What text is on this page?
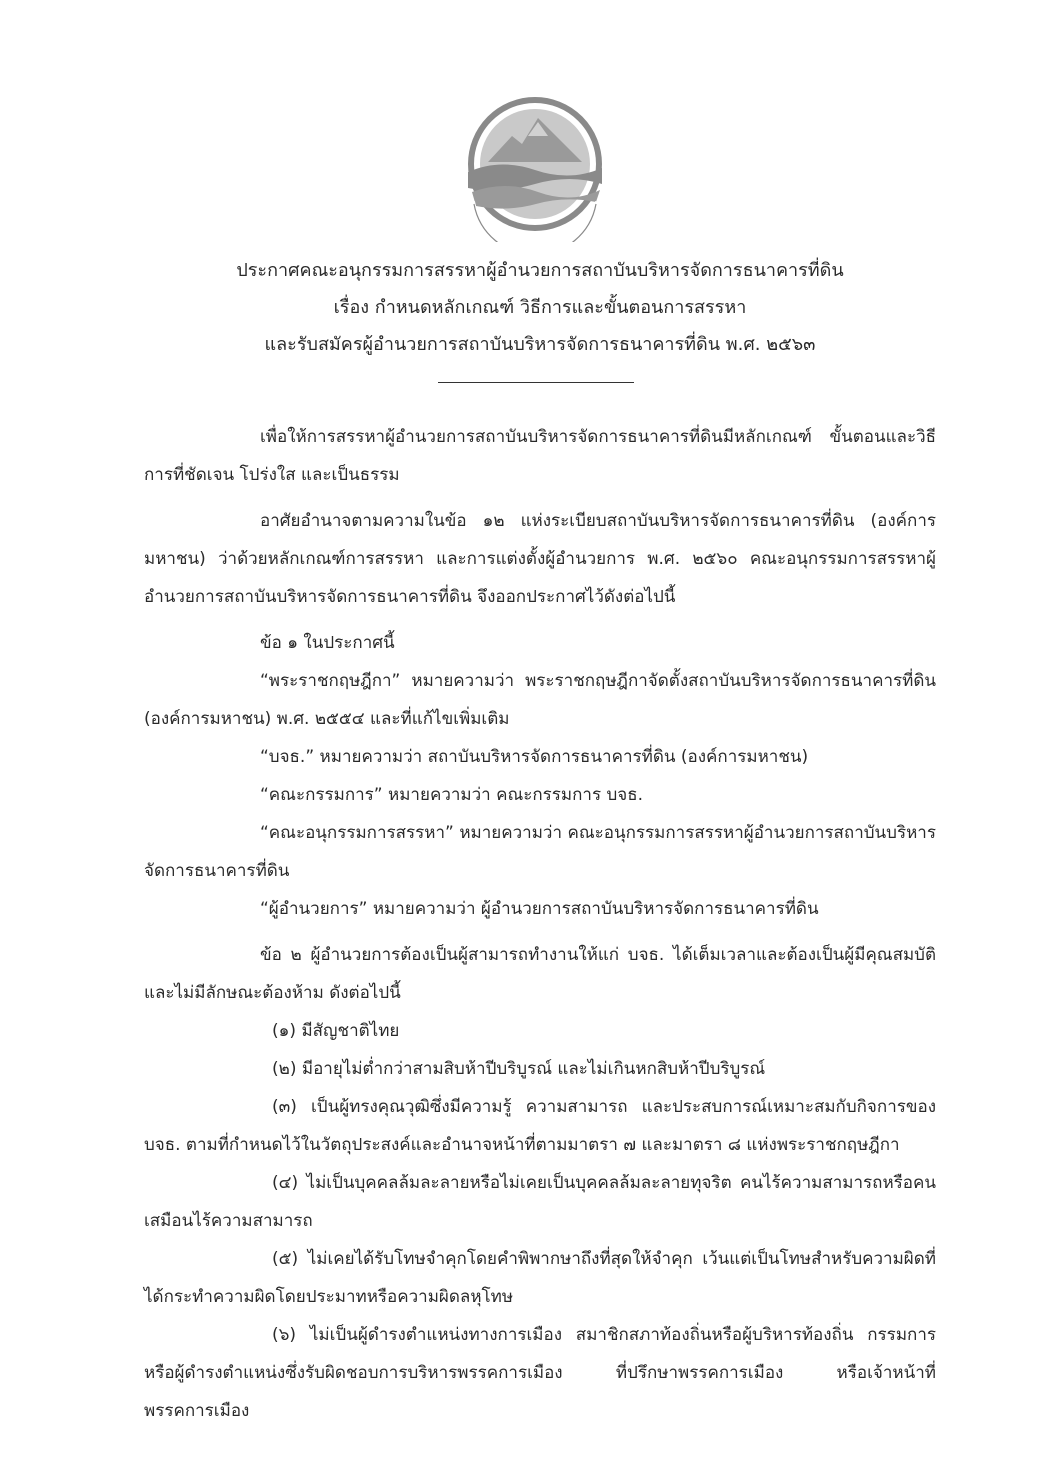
ประกาศคณะอนุกรรมการสรรหาผู้อำนวยการสถาบันบริหารจัดการธนาคารที่ดิน
เรื่อง กำหนดหลักเกณฑ์ วิธีการและขั้นตอนการสรรหา
และรับสมัครผู้อำนวยการสถาบันบริหารจัดการธนาคารที่ดิน พ.ศ. ๒๕๖๓

เพื่อให้การสรรหาผู้อำนวยการสถาบันบริหารจัดการธนาคารที่ดินมีหลักเกณฑ์ ขั้นตอนและวิธีการที่ชัดเจน โปร่งใส และเป็นธรรม

อาศัยอำนาจตามความในข้อ ๑๒ แห่งระเบียบสถาบันบริหารจัดการธนาคารที่ดิน (องค์การมหาชน) ว่าด้วยหลักเกณฑ์การสรรหา และการแต่งตั้งผู้อำนวยการ พ.ศ. ๒๕๖๐ คณะอนุกรรมการสรรหาผู้อำนวยการสถาบันบริหารจัดการธนาคารที่ดิน จึงออกประกาศไว้ดังต่อไปนี้

ข้อ ๑ ในประกาศนี้

“พระราชกฤษฎีกา” หมายความว่า พระราชกฤษฎีกาจัดตั้งสถาบันบริหารจัดการธนาคารที่ดิน (องค์การมหาชน) พ.ศ. ๒๕๕๔ และที่แก้ไขเพิ่มเติม

“บจธ.” หมายความว่า สถาบันบริหารจัดการธนาคารที่ดิน (องค์การมหาชน)

“คณะกรรมการ” หมายความว่า คณะกรรมการ บจธ.

“คณะอนุกรรมการสรรหา” หมายความว่า คณะอนุกรรมการสรรหาผู้อำนวยการสถาบันบริหารจัดการธนาคารที่ดิน

“ผู้อำนวยการ” หมายความว่า ผู้อำนวยการสถาบันบริหารจัดการธนาคารที่ดิน

ข้อ ๒ ผู้อำนวยการต้องเป็นผู้สามารถทำงานให้แก่ บจธ. ได้เต็มเวลาและต้องเป็นผู้มีคุณสมบัติและไม่มีลักษณะต้องห้าม ดังต่อไปนี้

(๑) มีสัญชาติไทย

(๒) มีอายุไม่ต่ำกว่าสามสิบห้าปีบริบูรณ์ และไม่เกินหกสิบห้าปีบริบูรณ์

(๓) เป็นผู้ทรงคุณวุฒิซึ่งมีความรู้ ความสามารถ และประสบการณ์เหมาะสมกับกิจการของ บจธ. ตามที่กำหนดไว้ในวัตถุประสงค์และอำนาจหน้าที่ตามมาตรา ๗ และมาตรา ๘ แห่งพระราชกฤษฎีกา

(๔) ไม่เป็นบุคคลล้มละลายหรือไม่เคยเป็นบุคคลล้มละลายทุจริต คนไร้ความสามารถหรือคนเสมือนไร้ความสามารถ

(๕) ไม่เคยได้รับโทษจำคุกโดยคำพิพากษาถึงที่สุดให้จำคุก เว้นแต่เป็นโทษสำหรับความผิดที่ได้กระทำความผิดโดยประมาทหรือความผิดลหุโทษ

(๖) ไม่เป็นผู้ดำรงตำแหน่งทางการเมือง สมาชิกสภาท้องถิ่นหรือผู้บริหารท้องถิ่น กรรมการหรือผู้ดำรงตำแหน่งซึ่งรับผิดชอบการบริหารพรรคการเมือง ที่ปรึกษาพรรคการเมือง หรือเจ้าหน้าที่พรรคการเมือง
